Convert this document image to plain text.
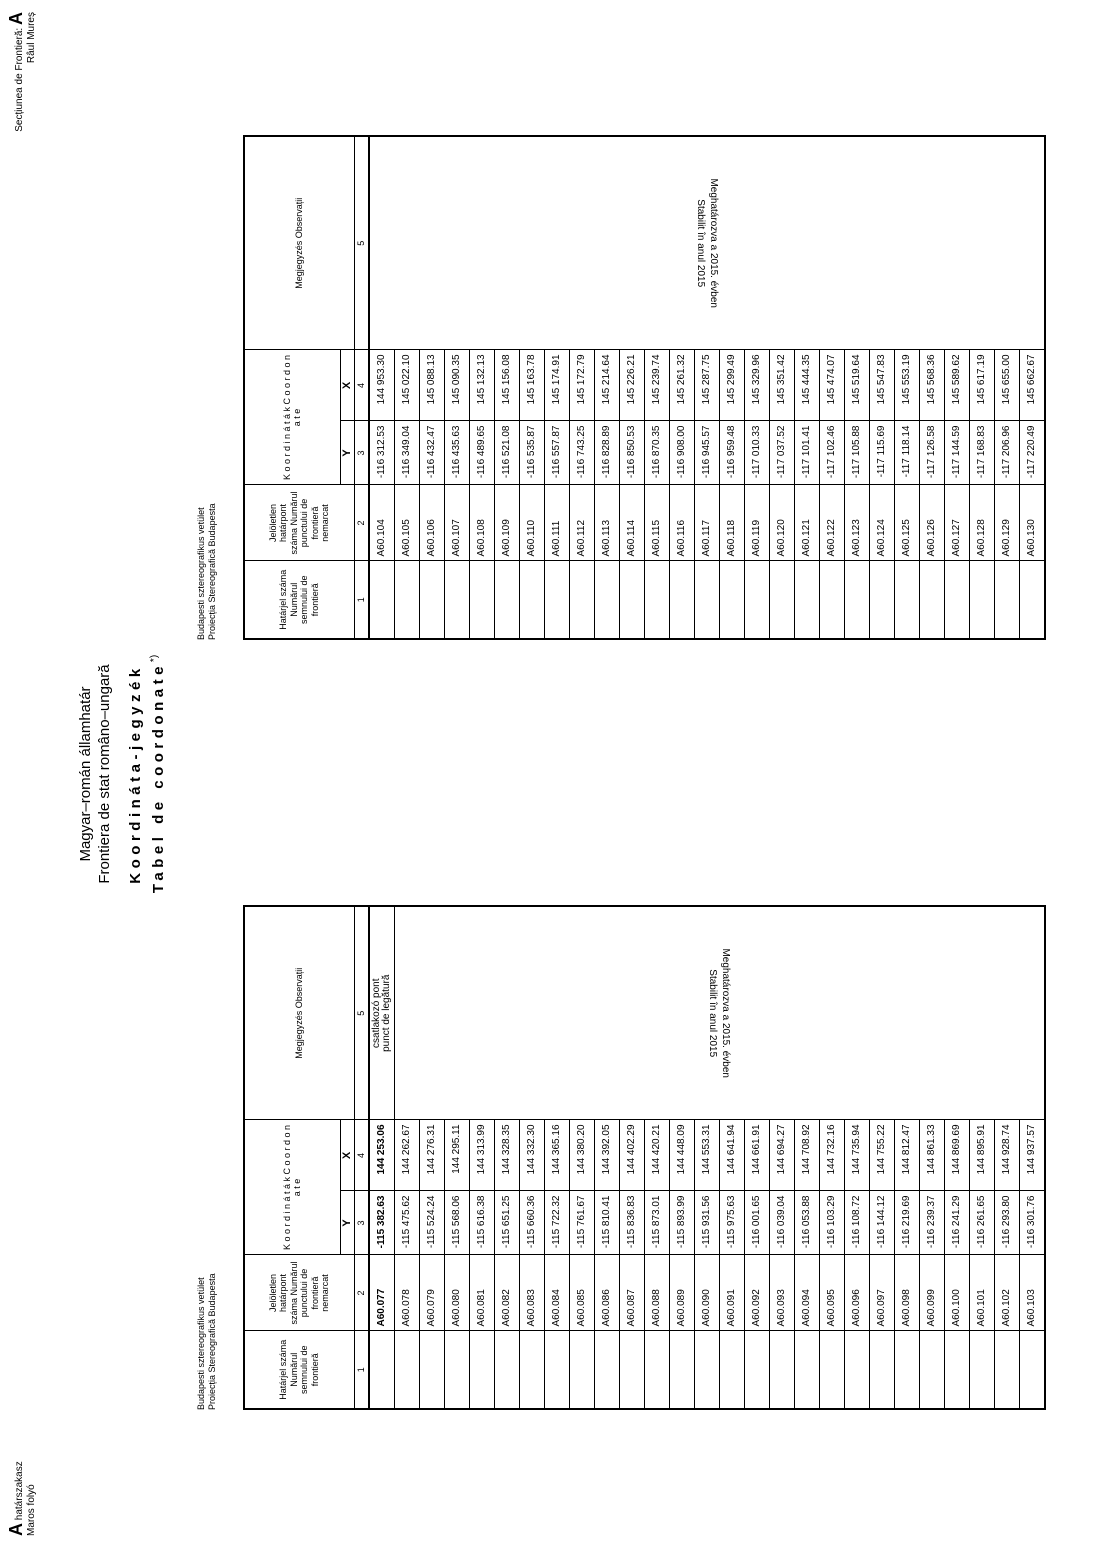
A határszakasz
Maros folyó
Secțiunea de Frontieră: A
Râul Mureș
Magyar–román államhatár Frontiera de stat româno–ungară Koordináta-jegyzék Tabel de coordonate*)
Budapesti sztereografikus vetület Proiecția Stereografică Budapesta
Budapesti sztereografikus vetület Proiecția Stereografică Budapesta
Határjel száma Numărul semnului de frontieră	Jelöletlen határpont száma Numărul punctului de frontieră nemarcat	K o o r d i n á t á k C o o r d o n a t e		Megjegyzés Observații
		Y	X	
1	2	3	4	5
	A60.077	-115 382.63	144 253.06	csatlakozó pont punct de legătură

	A60.078	-115 475.62	144 262.67	Meghatározva a 2015. évben
Stabilit în anul 2015

	A60.079	-115 524.24	144 276.31	
	A60.080	-115 568.06	144 295.11	
	A60.081	-115 616.38	144 313.99	
	A60.082	-115 651.25	144 328.35	
	A60.083	-115 660.36	144 332.30	
	A60.084	-115 722.32	144 365.16	
	A60.085	-115 761.67	144 380.20	
	A60.086	-115 810.41	144 392.05	
	A60.087	-115 836.83	144 402.29	
	A60.088	-115 873.01	144 420.21	
	A60.089	-115 893.99	144 448.09	
	A60.090	-115 931.56	144 553.31	
	A60.091	-115 975.63	144 641.94	
	A60.092	-116 001.65	144 661.91	
	A60.093	-116 039.04	144 694.27	
	A60.094	-116 053.88	144 708.92	
	A60.095	-116 103.29	144 732.16	
	A60.096	-116 108.72	144 735.94	
	A60.097	-116 144.12	144 755.22	
	A60.098	-116 219.69	144 812.47	
	A60.099	-116 239.37	144 861.33	
	A60.100	-116 241.29	144 869.69	
	A60.101	-116 261.65	144 895.91	
	A60.102	-116 293.80	144 928.74	
	A60.103	-116 301.76	144 937.57	
Határjel száma Numărul semnului de frontieră	Jelöletlen határpont száma Numărul punctului de frontieră nemarcat	K o o r d i n á t á k C o o r d o n a t e		Megjegyzés Observații
		Y	X	
1	2	3	4	5
	A60.104	-116 312.53	144 953.30	Meghatározva a 2015. évben
Stabilit în anul 2015

	A60.105	-116 349.04	145 022.10	
	A60.106	-116 432.47	145 088.13	
	A60.107	-116 435.63	145 090.35	
	A60.108	-116 489.65	145 132.13	
	A60.109	-116 521.08	145 156.08	
	A60.110	-116 535.87	145 163.78	
	A60.111	-116 557.87	145 174.91	
	A60.112	-116 743.25	145 172.79	
	A60.113	-116 828.89	145 214.64	
	A60.114	-116 850.53	145 226.21	
	A60.115	-116 870.35	145 239.74	
	A60.116	-116 908.00	145 261.32	
	A60.117	-116 945.57	145 287.75	
	A60.118	-116 959.48	145 299.49	
	A60.119	-117 010.33	145 329.96	
	A60.120	-117 037.52	145 351.42	
	A60.121	-117 101.41	145 444.35	
	A60.122	-117 102.46	145 474.07	
	A60.123	-117 105.88	145 519.64	
	A60.124	-117 115.69	145 547.83	
	A60.125	-117 118.14	145 553.19	
	A60.126	-117 126.58	145 568.36	
	A60.127	-117 144.59	145 589.62	
	A60.128	-117 168.83	145 617.19	
	A60.129	-117 206.96	145 655.00	
	A60.130	-117 220.49	145 662.67	
